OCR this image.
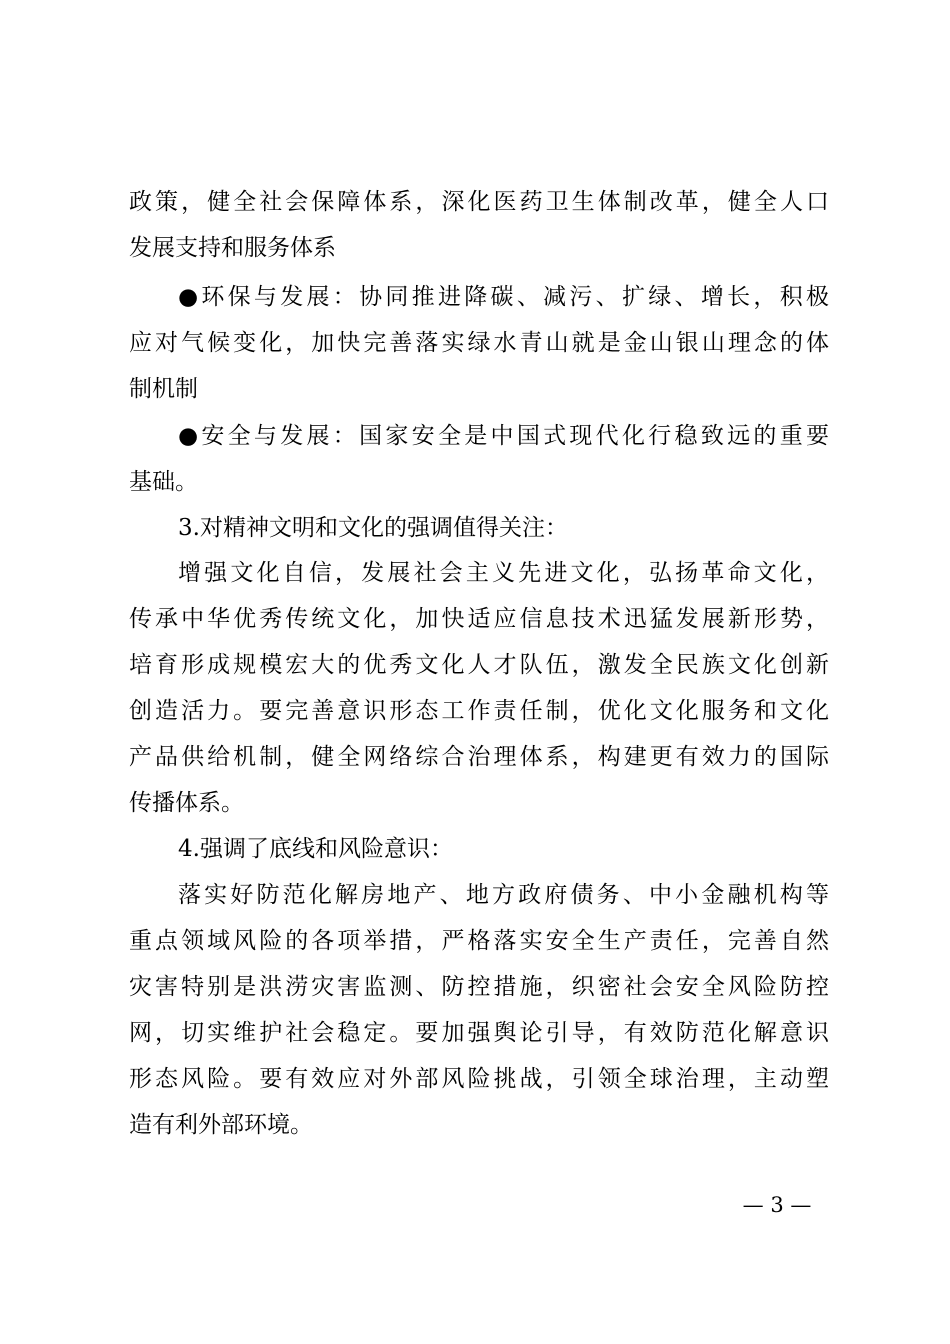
政策，健全社会保障体系，深化医药卫生体制改革，健全人口
发展支持和服务体系
●环保与发展：协同推进降碳、减污、扩绿、增长，积极
应对气候变化，加快完善落实绿水青山就是金山银山理念的体
制机制
●安全与发展：国家安全是中国式现代化行稳致远的重要
基础。
3.对精神文明和文化的强调值得关注：
增强文化自信，发展社会主义先进文化，弘扬革命文化，
传承中华优秀传统文化，加快适应信息技术迅猛发展新形势，
培育形成规模宏大的优秀文化人才队伍，激发全民族文化创新
创造活力。要完善意识形态工作责任制，优化文化服务和文化
产品供给机制，健全网络综合治理体系，构建更有效力的国际
传播体系。
4.强调了底线和风险意识：
落实好防范化解房地产、地方政府债务、中小金融机构等
重点领域风险的各项举措，严格落实安全生产责任，完善自然
灾害特别是洪涝灾害监测、防控措施，织密社会安全风险防控
网，切实维护社会稳定。要加强舆论引导，有效防范化解意识
形态风险。要有效应对外部风险挑战，引领全球治理，主动塑
造有利外部环境。
— 3 —
